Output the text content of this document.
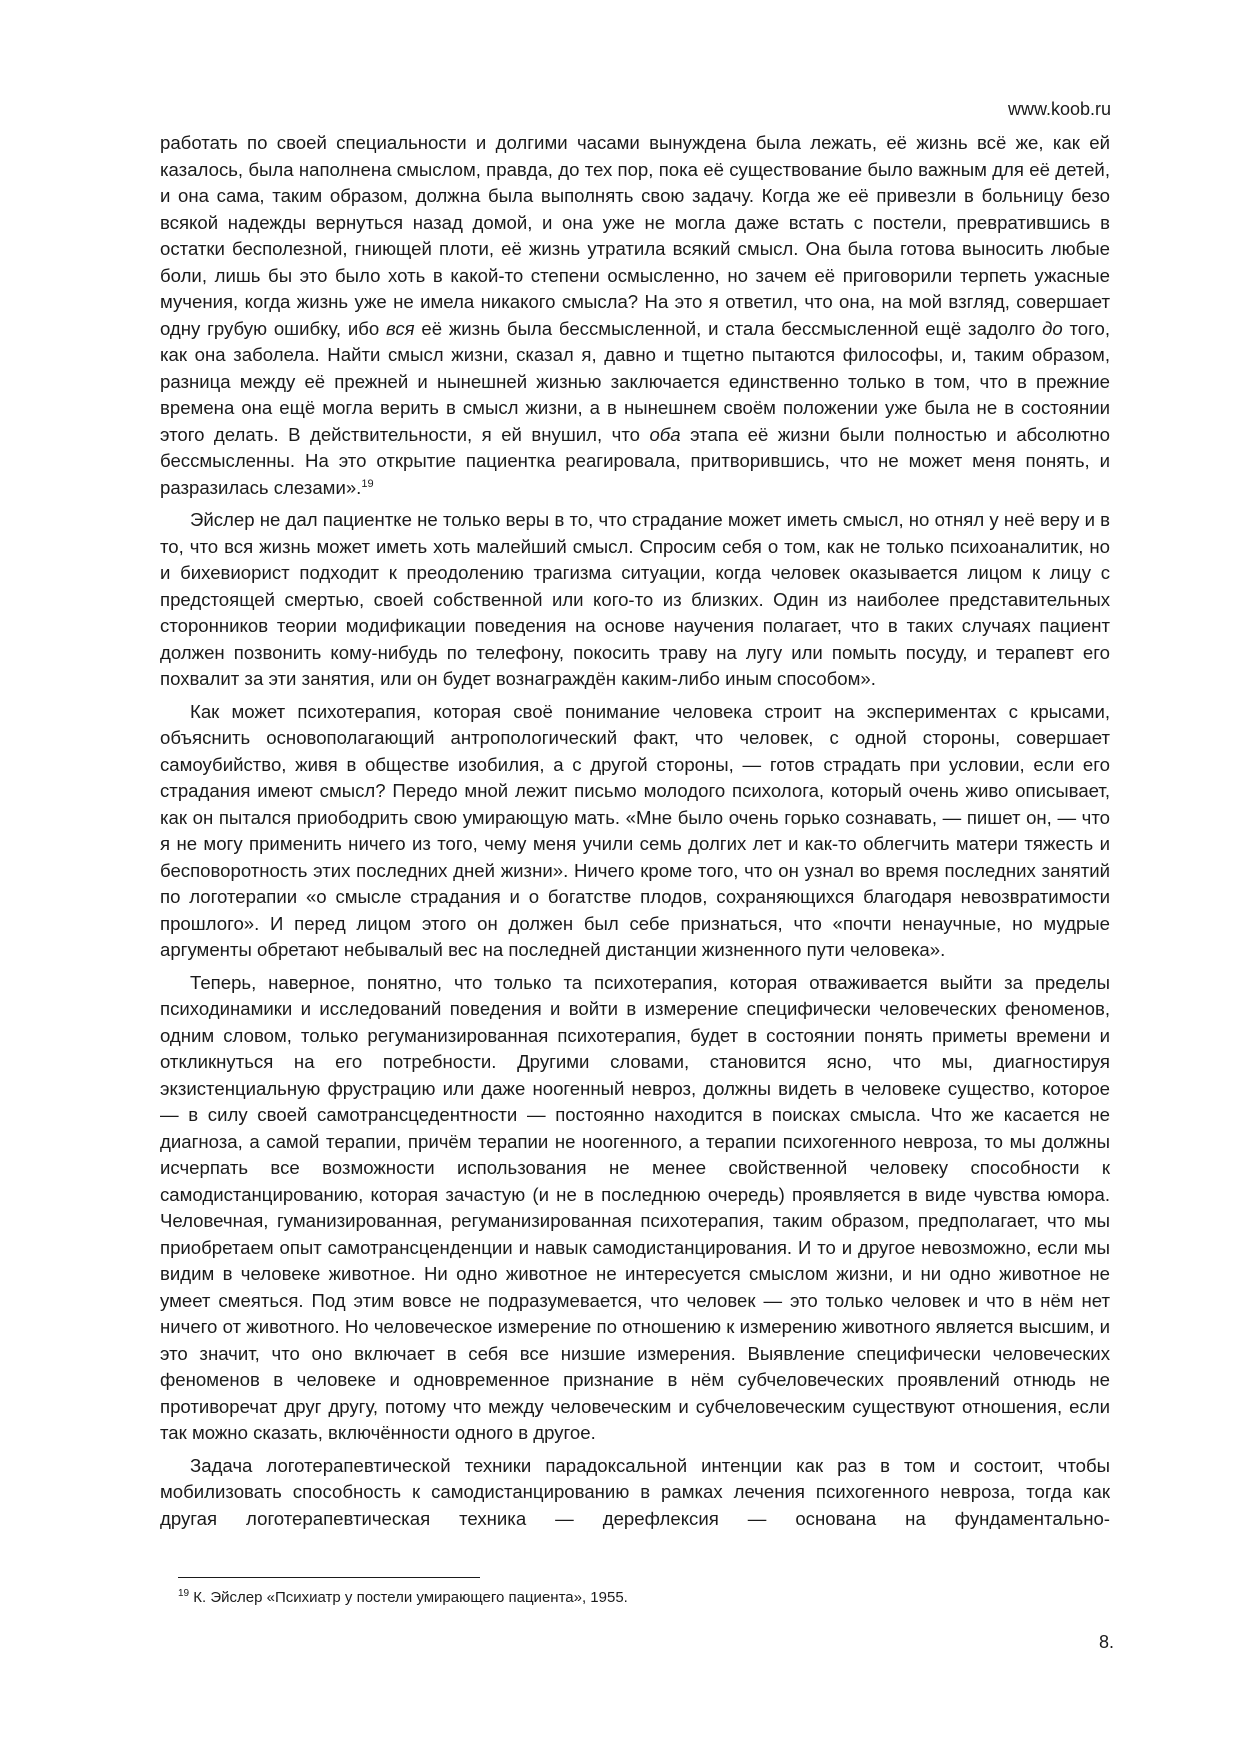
www.koob.ru

работать по своей специальности и долгими часами вынуждена была лежать, её жизнь всё же, как ей казалось, была наполнена смыслом, правда, до тех пор, пока её существование было важным для её детей, и она сама, таким образом, должна была выполнять свою задачу. Когда же её привезли в больницу безо всякой надежды вернуться назад домой, и она уже не могла даже встать с постели, превратившись в остатки бесполезной, гниющей плоти, её жизнь утратила всякий смысл. Она была готова выносить любые боли, лишь бы это было хоть в какой-то степени осмысленно, но зачем её приговорили терпеть ужасные мучения, когда жизнь уже не имела никакого смысла? На это я ответил, что она, на мой взгляд, совершает одну грубую ошибку, ибо вся её жизнь была бессмысленной, и стала бессмысленной ещё задолго до того, как она заболела. Найти смысл жизни, сказал я, давно и тщетно пытаются философы, и, таким образом, разница между её прежней и нынешней жизнью заключается единственно только в том, что в прежние времена она ещё могла верить в смысл жизни, а в нынешнем своём положении уже была не в состоянии этого делать. В действительности, я ей внушил, что оба этапа её жизни были полностью и абсолютно бессмысленны. На это открытие пациентка реагировала, притворившись, что не может меня понять, и разразилась слезами».$^{19}$

Эйслер не дал пациентке не только веры в то, что страдание может иметь смысл, но отнял у неё веру и в то, что вся жизнь может иметь хоть малейший смысл. Спросим себя о том, как не только психоаналитик, но и бихевиорист подходит к преодолению трагизма ситуации, когда человек оказывается лицом к лицу с предстоящей смертью, своей собственной или кого-то из близких. Один из наиболее представительных сторонников теории модификации поведения на основе научения полагает, что в таких случаях пациент должен позвонить кому-нибудь по телефону, покосить траву на лугу или помыть посуду, и терапевт его похвалит за эти занятия, или он будет вознаграждён каким-либо иным способом».

Как может психотерапия, которая своё понимание человека строит на экспериментах с крысами, объяснить основополагающий антропологический факт, что человек, с одной стороны, совершает самоубийство, живя в обществе изобилия, а с другой стороны, — готов страдать при условии, если его страдания имеют смысл? Передо мной лежит письмо молодого психолога, который очень живо описывает, как он пытался приободрить свою умирающую мать. «Мне было очень горько сознавать, — пишет он, — что я не могу применить ничего из того, чему меня учили семь долгих лет и как-то облегчить матери тяжесть и бесповоротность этих последних дней жизни». Ничего кроме того, что он узнал во время последних занятий по логотерапии «о смысле страдания и о богатстве плодов, сохраняющихся благодаря невозвратимости прошлого». И перед лицом этого он должен был себе признаться, что «почти ненаучные, но мудрые аргументы обретают небывалый вес на последней дистанции жизненного пути человека».

Теперь, наверное, понятно, что только та психотерапия, которая отваживается выйти за пределы психодинамики и исследований поведения и войти в измерение специфически человеческих феноменов, одним словом, только регуманизированная психотерапия, будет в состоянии понять приметы времени и откликнуться на его потребности. Другими словами, становится ясно, что мы, диагностируя экзистенциальную фрустрацию или даже ноогенный невроз, должны видеть в человеке существо, которое — в силу своей самотрансцедентности — постоянно находится в поисках смысла. Что же касается не диагноза, а самой терапии, причём терапии не ноогенного, а терапии психогенного невроза, то мы должны исчерпать все возможности использования не менее свойственной человеку способности к самодистанцированию, которая зачастую (и не в последнюю очередь) проявляется в виде чувства юмора. Человечная, гуманизированная, регуманизированная психотерапия, таким образом, предполагает, что мы приобретаем опыт самотрансценденции и навык самодистанцирования. И то и другое невозможно, если мы видим в человеке животное. Ни одно животное не интересуется смыслом жизни, и ни одно животное не умеет смеяться. Под этим вовсе не подразумевается, что человек — это только человек и что в нём нет ничего от животного. Но человеческое измерение по отношению к измерению животного является высшим, и это значит, что оно включает в себя все низшие измерения. Выявление специфически человеческих феноменов в человеке и одновременное признание в нём субчеловеческих проявлений отнюдь не противоречат друг другу, потому что между человеческим и субчеловеческим существуют отношения, если так можно сказать, включённости одного в другое.

Задача логотерапевтической техники парадоксальной интенции как раз в том и состоит, чтобы мобилизовать способность к самодистанцированию в рамках лечения психогенного невроза, тогда как другая логотерапевтическая техника — дерефлексия — основана на фундаментально-

$^{19}$ К. Эйслер «Психиатр у постели умирающего пациента», 1955.
8.
